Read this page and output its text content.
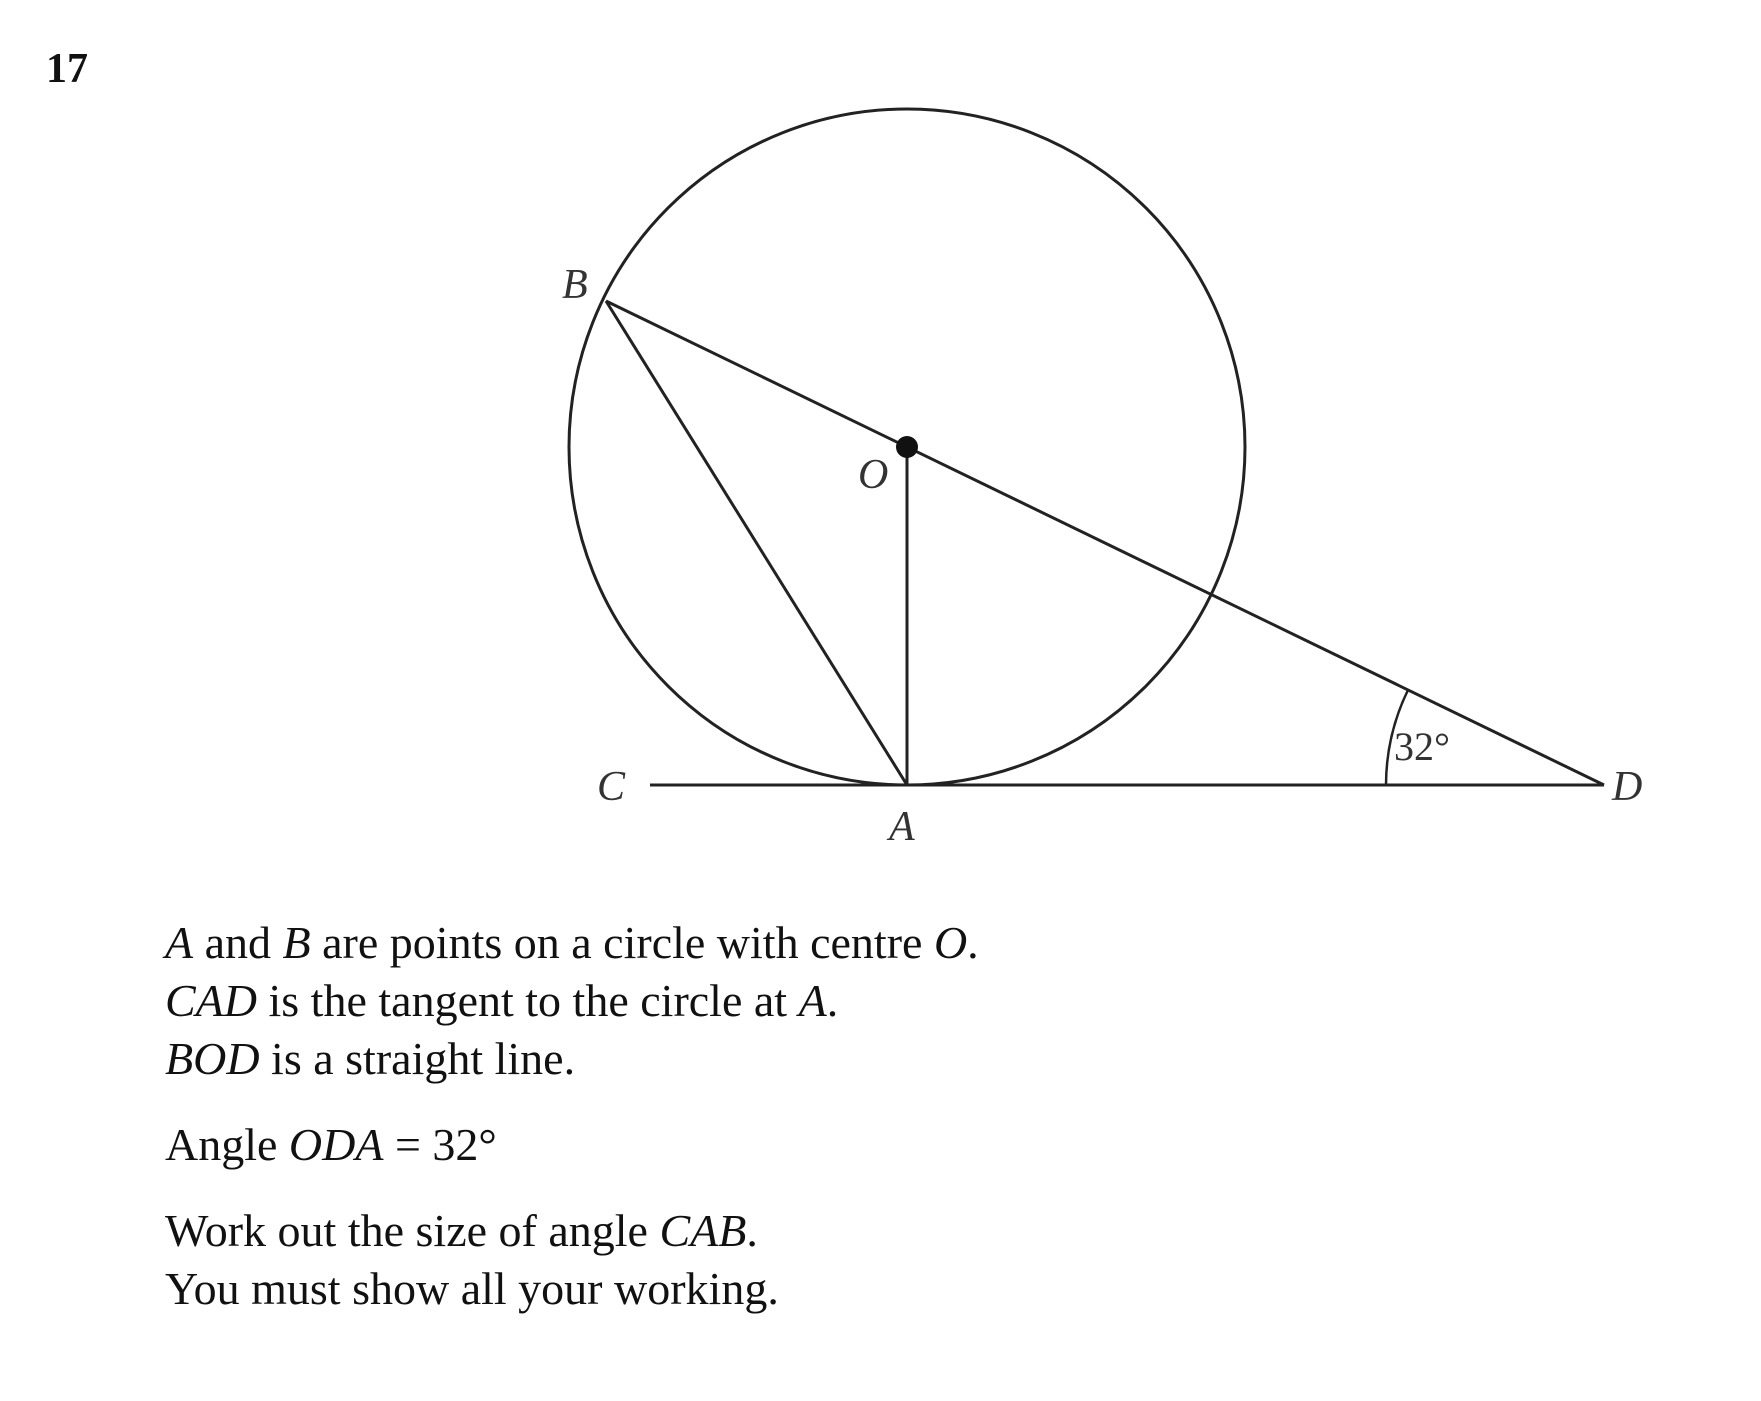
17
B
O
C
A
D
32°
A and B are points on a circle with centre O.
CAD is the tangent to the circle at A.
BOD is a straight line.
Angle ODA = 32°
Work out the size of angle CAB.
You must show all your working.
